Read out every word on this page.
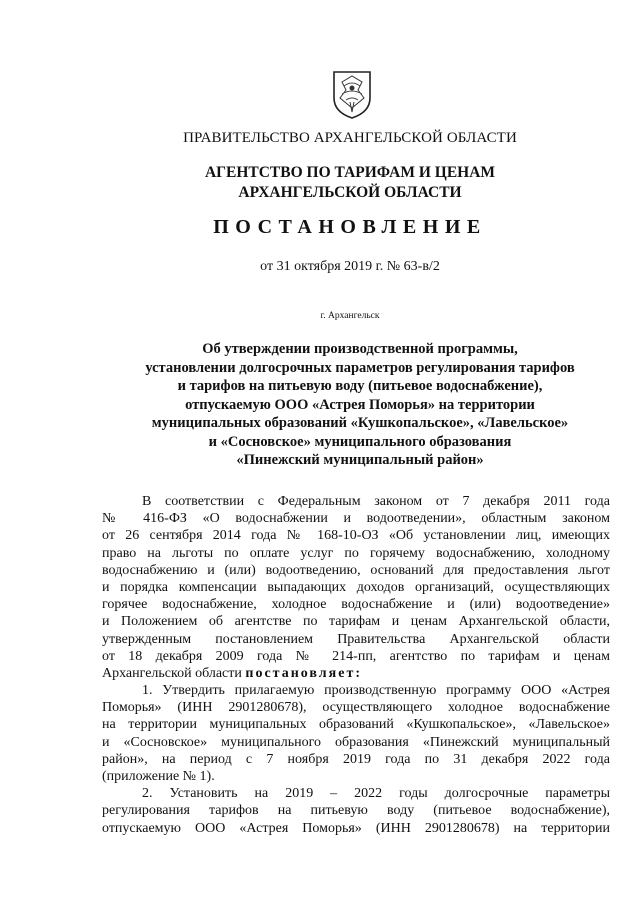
ПРАВИТЕЛЬСТВО АРХАНГЕЛЬСКОЙ ОБЛАСТИ
АГЕНТСТВО ПО ТАРИФАМ И ЦЕНАМ
АРХАНГЕЛЬСКОЙ ОБЛАСТИ
ПОСТАНОВЛЕНИЕ
от 31 октября 2019 г. № 63-в/2
г. Архангельск
Об утверждении производственной программы,
установлении долгосрочных параметров регулирования тарифов
и тарифов на питьевую воду (питьевое водоснабжение),
отпускаемую ООО «Астрея Поморья» на территории
муниципальных образований «Кушкопальское», «Лавельское»
и «Сосновское» муниципального образования
«Пинежский муниципальный район»
В соответствии с Федеральным законом от 7 декабря 2011 года
№ 416-ФЗ «О водоснабжении и водоотведении», областным законом
от 26 сентября 2014 года № 168-10-ОЗ «Об установлении лиц, имеющих
право на льготы по оплате услуг по горячему водоснабжению, холодному
водоснабжению и (или) водоотведению, оснований для предоставления льгот
и порядка компенсации выпадающих доходов организаций, осуществляющих
горячее водоснабжение, холодное водоснабжение и (или) водоотведение»
и Положением об агентстве по тарифам и ценам Архангельской области,
утвержденным постановлением Правительства Архангельской области
от 18 декабря 2009 года № 214-пп, агентство по тарифам и ценам
Архангельской области постановляет:
1. Утвердить прилагаемую производственную программу ООО «Астрея
Поморья» (ИНН 2901280678), осуществляющего холодное водоснабжение
на территории муниципальных образований «Кушкопальское», «Лавельское»
и «Сосновское» муниципального образования «Пинежский муниципальный
район», на период с 7 ноября 2019 года по 31 декабря 2022 года
(приложение № 1).
2. Установить на 2019 – 2022 годы долгосрочные параметры
регулирования тарифов на питьевую воду (питьевое водоснабжение),
отпускаемую ООО «Астрея Поморья» (ИНН 2901280678) на территории
